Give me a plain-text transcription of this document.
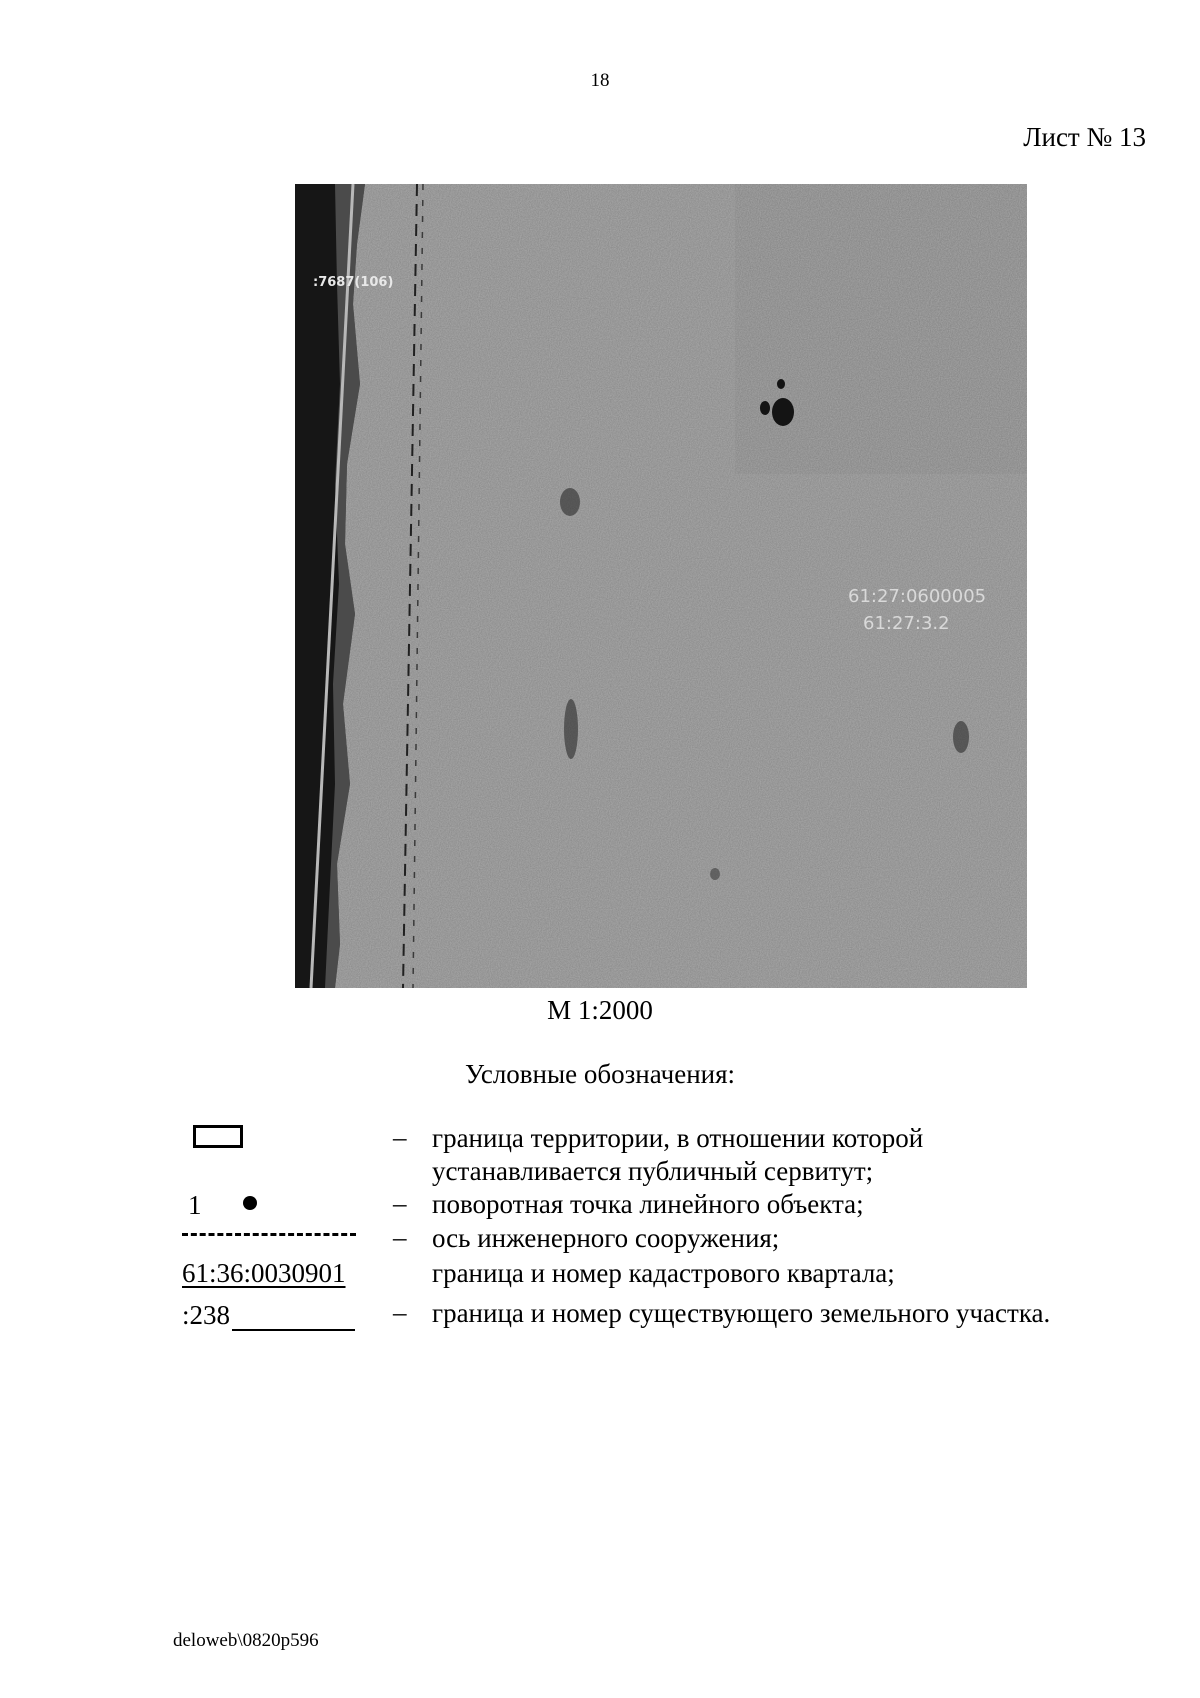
18
Лист № 13
:7687(106)
61:27:0600005
61:27:3.2
М 1:2000
Условные обозначения:
– граница территории, в отношении которой
устанавливается публичный сервитут;
1	– поворотная точка линейного объекта;
– ось инженерного сооружения;
61:36:0030901	граница и номер кадастрового квартала;
:238	– граница и номер существующего земельного участка.
deloweb\0820p596
